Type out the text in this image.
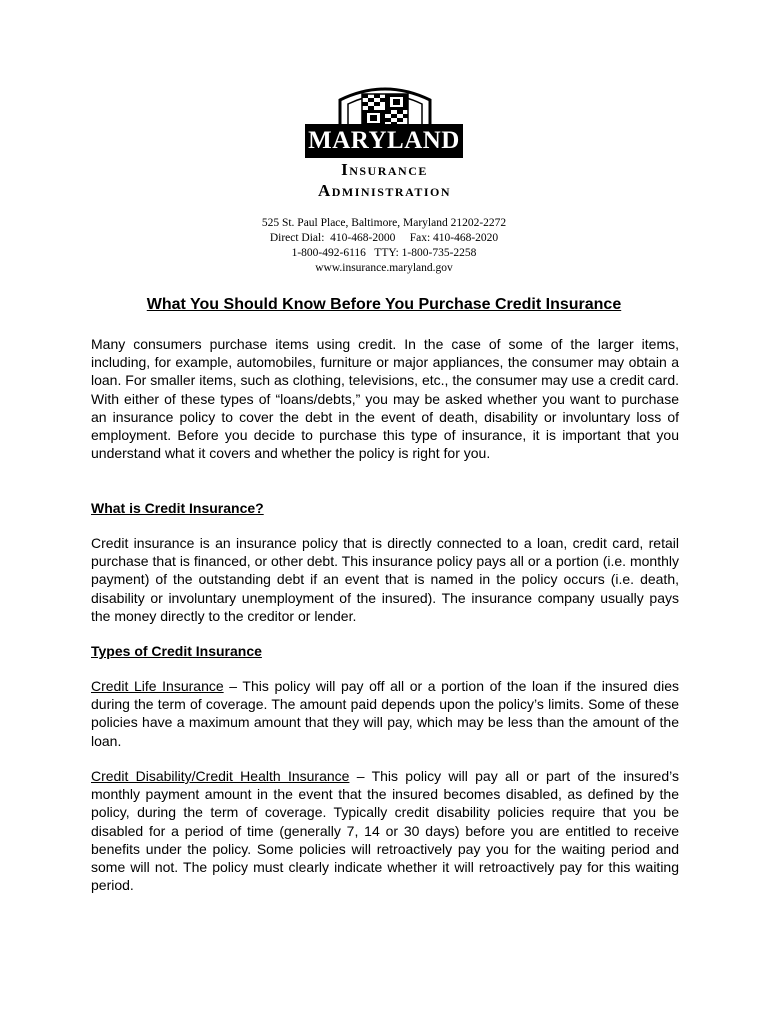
MARYLAND
Insurance
Administration
525 St. Paul Place, Baltimore, Maryland 21202-2272
Direct Dial:  410-468-2000     Fax: 410-468-2020
1-800-492-6116   TTY: 1-800-735-2258
www.insurance.maryland.gov
What You Should Know Before You Purchase Credit Insurance

Many consumers purchase items using credit. In the case of some of the larger items, including, for example, automobiles, furniture or major appliances, the consumer may obtain a loan. For smaller items, such as clothing, televisions, etc., the consumer may use a credit card. With either of these types of “loans/debts,” you may be asked whether you want to purchase an insurance policy to cover the debt in the event of death, disability or involuntary loss of employment. Before you decide to purchase this type of insurance, it is important that you understand what it covers and whether the policy is right for you.

What is Credit Insurance?

Credit insurance is an insurance policy that is directly connected to a loan, credit card, retail purchase that is financed, or other debt. This insurance policy pays all or a portion (i.e. monthly payment) of the outstanding debt if an event that is named in the policy occurs (i.e. death, disability or involuntary unemployment of the insured). The insurance company usually pays the money directly to the creditor or lender.

Types of Credit Insurance

Credit Life Insurance – This policy will pay off all or a portion of the loan if the insured dies during the term of coverage. The amount paid depends upon the policy’s limits. Some of these policies have a maximum amount that they will pay, which may be less than the amount of the loan.

Credit Disability/Credit Health Insurance – This policy will pay all or part of the insured’s monthly payment amount in the event that the insured becomes disabled, as defined by the policy, during the term of coverage. Typically credit disability policies require that you be disabled for a period of time (generally 7, 14 or 30 days) before you are entitled to receive benefits under the policy. Some policies will retroactively pay you for the waiting period and some will not. The policy must clearly indicate whether it will retroactively pay for this waiting period.
